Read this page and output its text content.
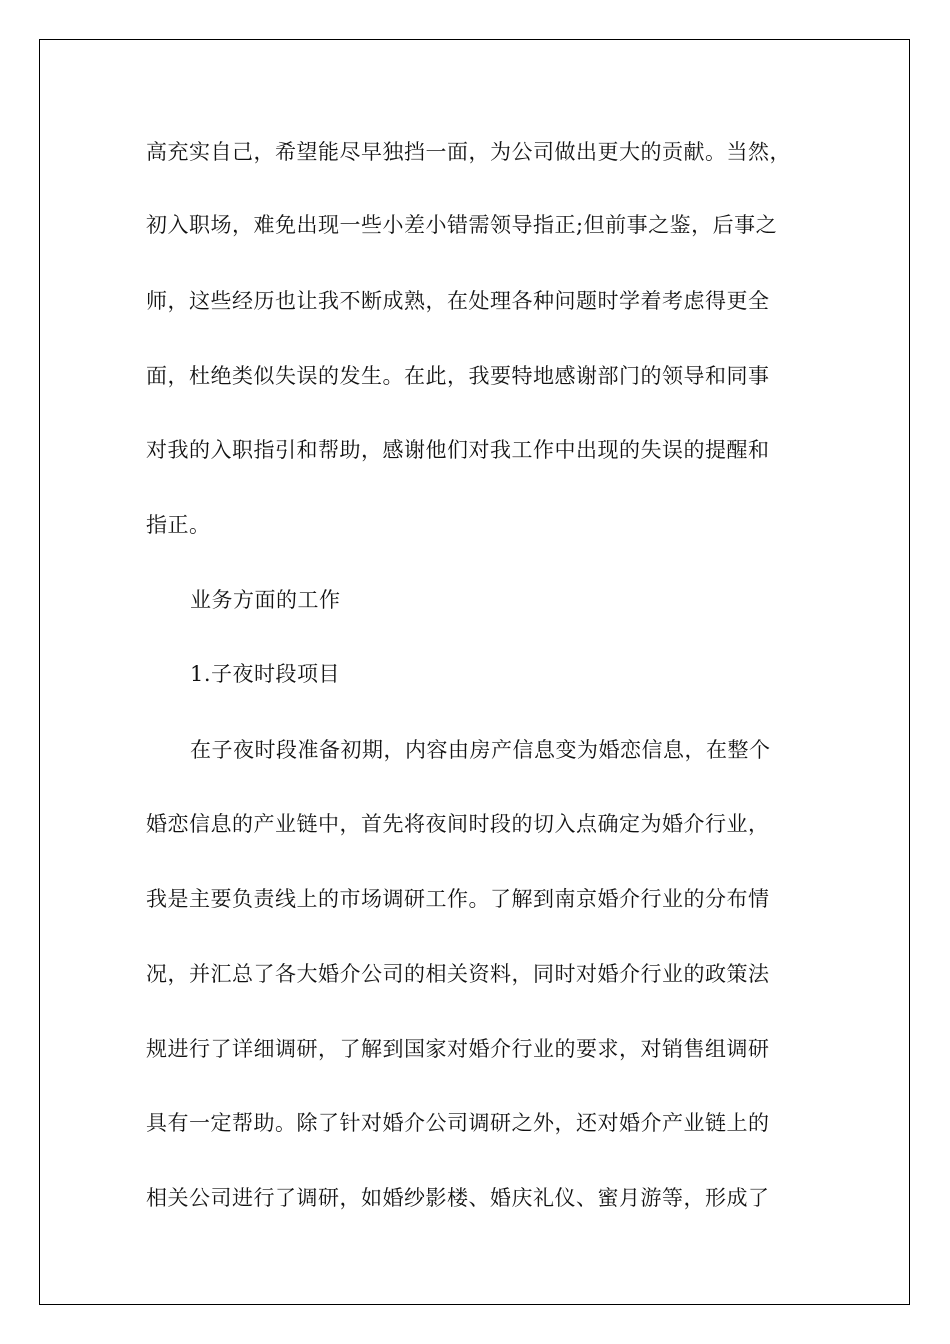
高充实自己，希望能尽早独挡一面，为公司做出更大的贡献。当然，
初入职场，难免出现一些小差小错需领导指正;但前事之鉴，后事之
师，这些经历也让我不断成熟，在处理各种问题时学着考虑得更全
面，杜绝类似失误的发生。在此，我要特地感谢部门的领导和同事
对我的入职指引和帮助，感谢他们对我工作中出现的失误的提醒和
指正。
业务方面的工作
1.子夜时段项目
在子夜时段准备初期，内容由房产信息变为婚恋信息，在整个
婚恋信息的产业链中，首先将夜间时段的切入点确定为婚介行业，
我是主要负责线上的市场调研工作。了解到南京婚介行业的分布情
况，并汇总了各大婚介公司的相关资料，同时对婚介行业的政策法
规进行了详细调研，了解到国家对婚介行业的要求，对销售组调研
具有一定帮助。除了针对婚介公司调研之外，还对婚介产业链上的
相关公司进行了调研，如婚纱影楼、婚庆礼仪、蜜月游等，形成了
